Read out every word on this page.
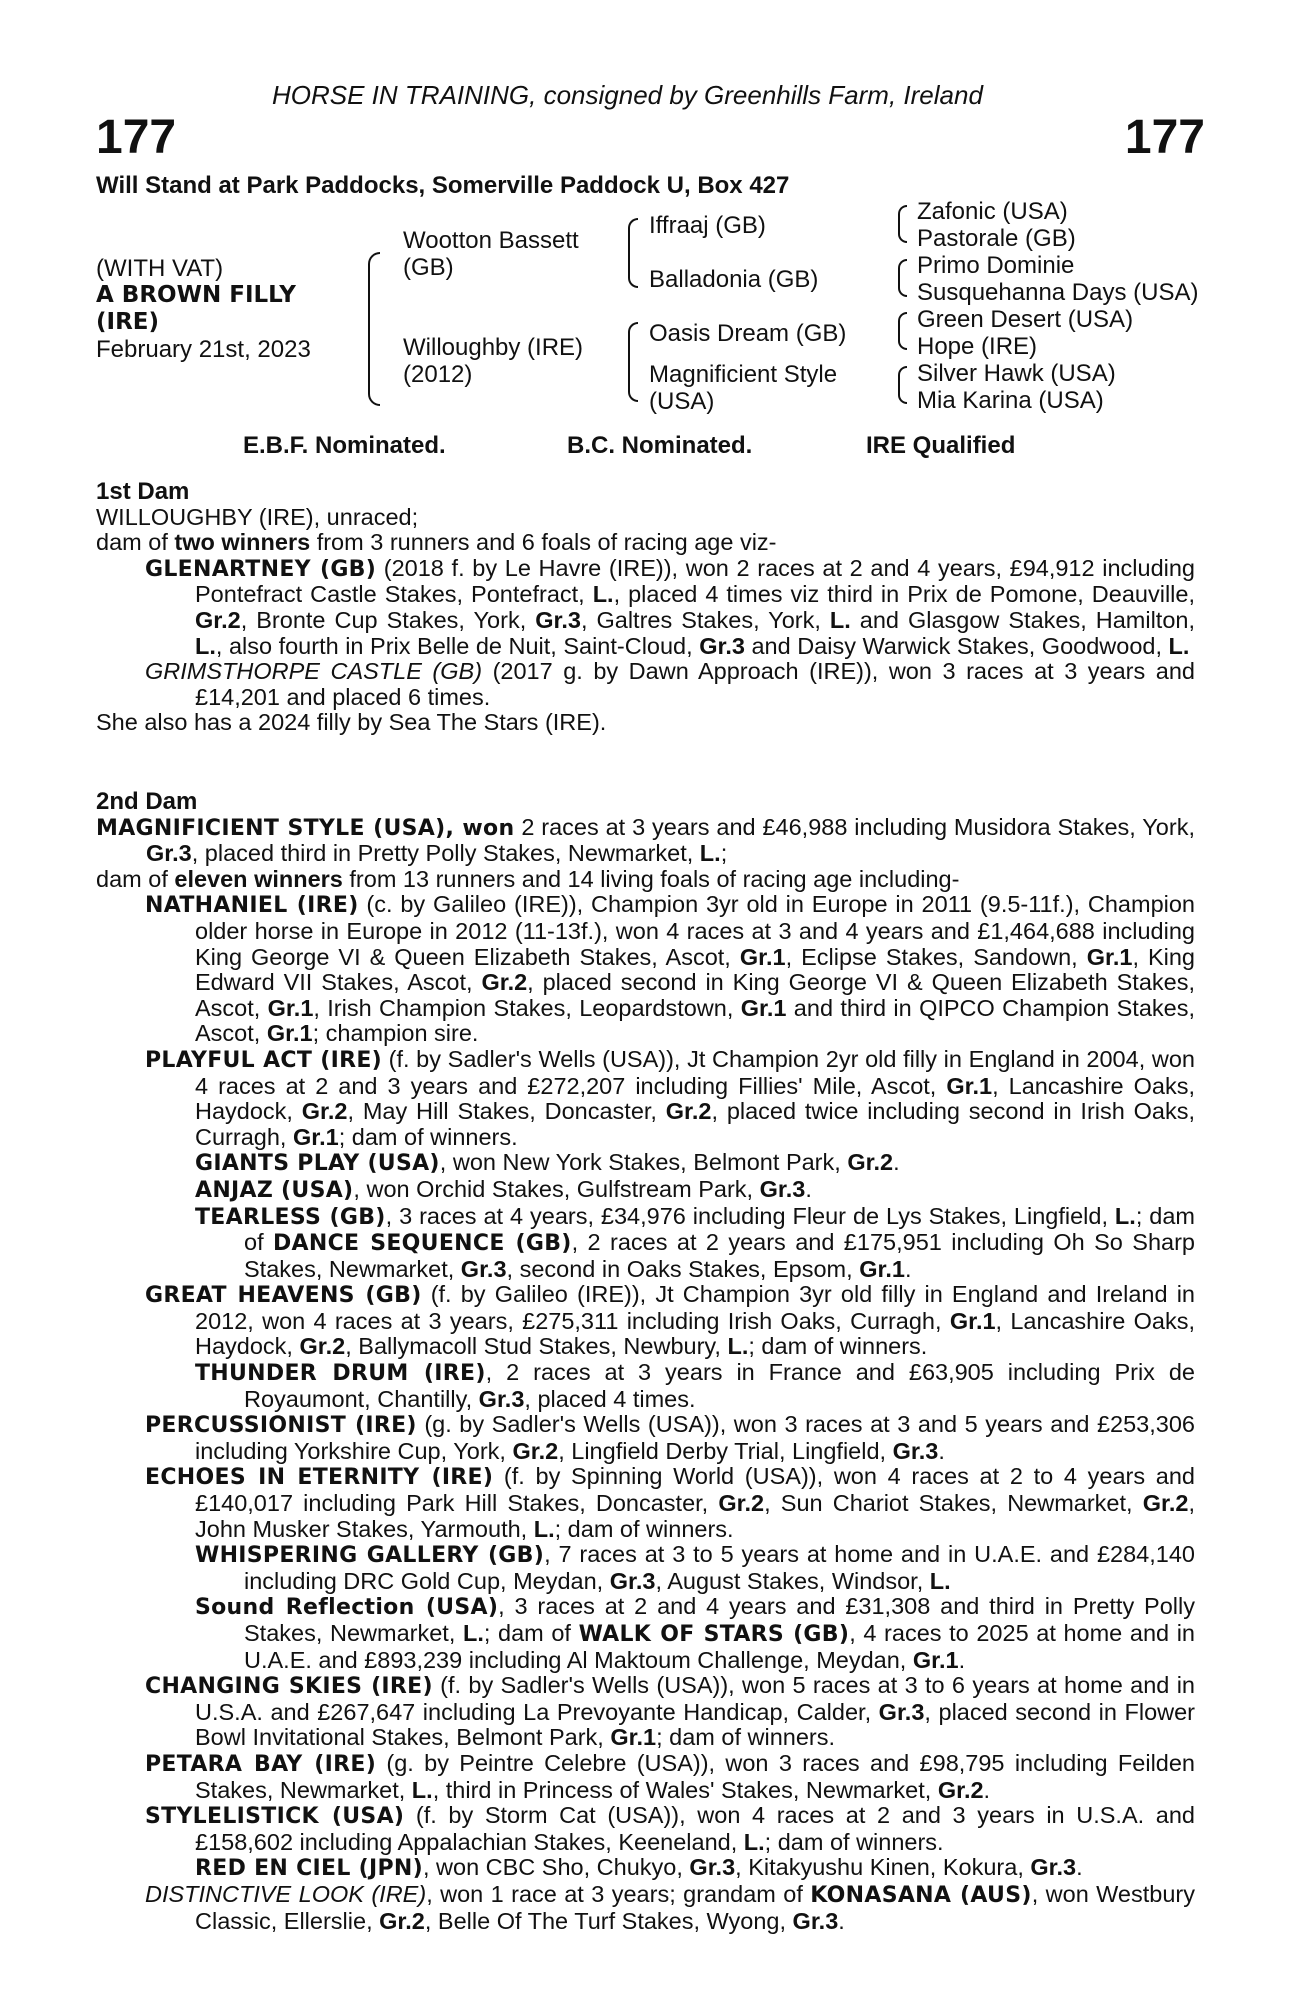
HORSE IN TRAINING, consigned by Greenhills Farm, Ireland
177	177
Will Stand at Park Paddocks, Somerville Paddock U, Box 427
(WITH VAT)
A BROWN FILLY
(IRE)
February 21st, 2023
Wootton Bassett
(GB)
Willoughby (IRE)
(2012)
Iffraaj (GB)
Balladonia (GB)
Oasis Dream (GB)
Magnificient Style
(USA)
Zafonic (USA)
Pastorale (GB)
Primo Dominie
Susquehanna Days (USA)
Green Desert (USA)
Hope (IRE)
Silver Hawk (USA)
Mia Karina (USA)
E.B.F. Nominated.	B.C. Nominated.	IRE Qualified

1st Dam

WILLOUGHBY (IRE), unraced;

dam of two winners from 3 runners and 6 foals of racing age viz-

GLENARTNEY (GB) (2018 f. by Le Havre (IRE)), won 2 races at 2 and 4 years, £94,912 including Pontefract Castle Stakes, Pontefract, L., placed 4 times viz third in Prix de Pomone, Deauville, Gr.2, Bronte Cup Stakes, York, Gr.3, Galtres Stakes, York, L. and Glasgow Stakes, Hamilton, L., also fourth in Prix Belle de Nuit, Saint-Cloud, Gr.3 and Daisy Warwick Stakes, Goodwood, L.

GRIMSTHORPE CASTLE (GB) (2017 g. by Dawn Approach (IRE)), won 3 races at 3 years and £14,201 and placed 6 times.

She also has a 2024 filly by Sea The Stars (IRE).

2nd Dam

MAGNIFICIENT STYLE (USA), won 2 races at 3 years and £46,988 including Musidora Stakes, York, Gr.3, placed third in Pretty Polly Stakes, Newmarket, L.;

dam of eleven winners from 13 runners and 14 living foals of racing age including-

NATHANIEL (IRE) (c. by Galileo (IRE)), Champion 3yr old in Europe in 2011 (9.5-11f.), Champion older horse in Europe in 2012 (11-13f.), won 4 races at 3 and 4 years and £1,464,688 including King George VI & Queen Elizabeth Stakes, Ascot, Gr.1, Eclipse Stakes, Sandown, Gr.1, King Edward VII Stakes, Ascot, Gr.2, placed second in King George VI & Queen Elizabeth Stakes, Ascot, Gr.1, Irish Champion Stakes, Leopardstown, Gr.1 and third in QIPCO Champion Stakes, Ascot, Gr.1; champion sire.

PLAYFUL ACT (IRE) (f. by Sadler's Wells (USA)), Jt Champion 2yr old filly in England in 2004, won 4 races at 2 and 3 years and £272,207 including Fillies' Mile, Ascot, Gr.1, Lancashire Oaks, Haydock, Gr.2, May Hill Stakes, Doncaster, Gr.2, placed twice including second in Irish Oaks, Curragh, Gr.1; dam of winners.

GIANTS PLAY (USA), won New York Stakes, Belmont Park, Gr.2.

ANJAZ (USA), won Orchid Stakes, Gulfstream Park, Gr.3.

TEARLESS (GB), 3 races at 4 years, £34,976 including Fleur de Lys Stakes, Lingfield, L.; dam of DANCE SEQUENCE (GB), 2 races at 2 years and £175,951 including Oh So Sharp Stakes, Newmarket, Gr.3, second in Oaks Stakes, Epsom, Gr.1.

GREAT HEAVENS (GB) (f. by Galileo (IRE)), Jt Champion 3yr old filly in England and Ireland in 2012, won 4 races at 3 years, £275,311 including Irish Oaks, Curragh, Gr.1, Lancashire Oaks, Haydock, Gr.2, Ballymacoll Stud Stakes, Newbury, L.; dam of winners.

THUNDER DRUM (IRE), 2 races at 3 years in France and £63,905 including Prix de Royaumont, Chantilly, Gr.3, placed 4 times.

PERCUSSIONIST (IRE) (g. by Sadler's Wells (USA)), won 3 races at 3 and 5 years and £253,306 including Yorkshire Cup, York, Gr.2, Lingfield Derby Trial, Lingfield, Gr.3.

ECHOES IN ETERNITY (IRE) (f. by Spinning World (USA)), won 4 races at 2 to 4 years and £140,017 including Park Hill Stakes, Doncaster, Gr.2, Sun Chariot Stakes, Newmarket, Gr.2, John Musker Stakes, Yarmouth, L.; dam of winners.

WHISPERING GALLERY (GB), 7 races at 3 to 5 years at home and in U.A.E. and £284,140 including DRC Gold Cup, Meydan, Gr.3, August Stakes, Windsor, L.

Sound Reflection (USA), 3 races at 2 and 4 years and £31,308 and third in Pretty Polly Stakes, Newmarket, L.; dam of WALK OF STARS (GB), 4 races to 2025 at home and in U.A.E. and £893,239 including Al Maktoum Challenge, Meydan, Gr.1.

CHANGING SKIES (IRE) (f. by Sadler's Wells (USA)), won 5 races at 3 to 6 years at home and in U.S.A. and £267,647 including La Prevoyante Handicap, Calder, Gr.3, placed second in Flower Bowl Invitational Stakes, Belmont Park, Gr.1; dam of winners.

PETARA BAY (IRE) (g. by Peintre Celebre (USA)), won 3 races and £98,795 including Feilden Stakes, Newmarket, L., third in Princess of Wales' Stakes, Newmarket, Gr.2.

STYLELISTICK (USA) (f. by Storm Cat (USA)), won 4 races at 2 and 3 years in U.S.A. and £158,602 including Appalachian Stakes, Keeneland, L.; dam of winners.

RED EN CIEL (JPN), won CBC Sho, Chukyo, Gr.3, Kitakyushu Kinen, Kokura, Gr.3.

DISTINCTIVE LOOK (IRE), won 1 race at 3 years; grandam of KONASANA (AUS), won Westbury Classic, Ellerslie, Gr.2, Belle Of The Turf Stakes, Wyong, Gr.3.
